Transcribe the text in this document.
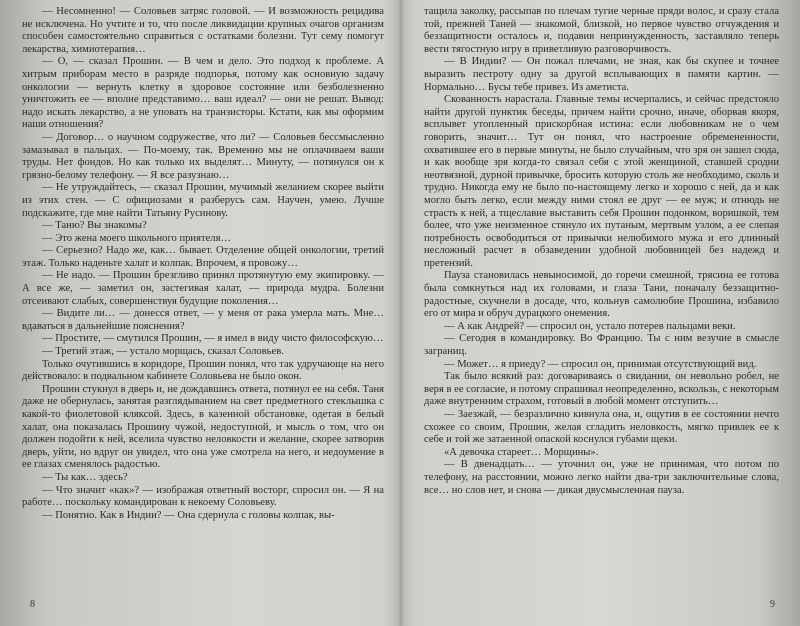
— Несомненно! — Соловьев затряс головой. — И возможность рецидива не исключена. Но учтите и то, что после ликвидации крупных очагов организм способен самостоятельно справиться с остатками болезни. Тут сему помогут лекарства, химиотерапия…

— О, — сказал Прошин. — В чем и дело. Это подход к проблеме. А хитрым приборам место в разряде подпорья, потому как основную задачу онкологии — вернуть клетку в здоровое состояние или безболезненно уничтожить ее — вполне представимо… ваш идеал? — они не решат. Вывод: надо искать лекарство, а не уповать на транзисторы. Кстати, как мы оформим наши отношения?

— Договор… о научном содружестве, что ли? — Соловьев бессмысленно замазывал в пальцах. — По-моему, так. Временно мы не оплачиваем ваши труды. Нет фондов. Но как только их выделят… Минуту, — потянулся он к грязно-белому телефону. — Я все разузнаю…

— Не утруждайтесь, — сказал Прошин, мучимый желанием скорее выйти из этих стен. — С официозами я разберусь сам. Научен, умею. Лучше подскажите, где мне найти Татьяну Русинову.

— Таню? Вы знакомы?

— Это жена моего школьного приятеля…

— Серьезно? Надо же, как… бывает. Отделение общей онкологии, третий этаж. Только наденьте халат и колпак. Впрочем, я провожу…

— Не надо. — Прошин брезгливо принял протянутую ему экипировку. — А все же, — заметил он, застегивая халат, — природа мудра. Болезни отсеивают слабых, совершенствуя будущие поколения…

— Видите ли… — донесся ответ, — у меня от рака умерла мать. Мне… вдаваться в дальнейшие пояснения?

— Простите, — смутился Прошин, — я имел в виду чисто философскую…

— Третий этаж, — устало морщась, сказал Соловьев.

Только очутившись в коридоре, Прошин понял, что так удручающе на него действовало: в подвальном кабинете Соловьева не было окон.

Прошин стукнул в дверь и, не дождавшись ответа, потянул ее на себя. Таня даже не обернулась, занятая разглядыванием на свет предметного стеклышка с какой-то фиолетовой кляксой. Здесь, в казенной обстановке, одетая в белый халат, она показалась Прошину чужой, недоступной, и мысль о том, что он должен подойти к ней, вселила чувство неловкости и желание, скорее затворив дверь, уйти, но вдруг он увидел, что она уже смотрела на него, и недоумение в ее глазах сменялось радостью.

— Ты как… здесь?

— Что значит «как»? — изображая ответный восторг, спросил он. — Я на работе… поскольку командирован к некоему Соловьеву.

— Понятно. Как в Индии? — Она сдернула с головы колпак, вы-

8

тащила заколку, рассыпав по плечам тугие черные пряди волос, и сразу стала той, прежней Таней — знакомой, близкой, но первое чувство отчуждения и беззащитности осталось и, подавив непринужденность, заставляло теперь вести тягостную игру в приветливую разговорчивость.

— В Индии? — Он пожал плечами, не зная, как бы скупее и точнее выразить пестроту одну за другой всплывающих в памяти картин. — Нормально… Бусы тебе привез. Из аметиста.

Скованность нарастала. Главные темы исчерпались, и сейчас предстояло найти другой пунктик беседы, причем найти срочно, иначе, оборвав якоря, всплывет утопленный прискорбная истина: если любовникам не о чем говорить, значит… Тут он понял, что настроение обремененности, охватившее его в первые минуты, не было случайным, что зря он зашел сюда, и как вообще зря когда-то связал себя с этой женщиной, ставшей сродни неотвязной, дурной привычке, бросить которую столь же необходимо, сколь и трудно. Никогда ему не было по-настоящему легко и хорошо с ней, да и как могло быть легко, если между ними стоял ее друг — ее муж; и отнюдь не страсть к ней, а тщеславие выставить себя Прошин подонком, воришкой, тем более, что уже неизменное стянуло их путаным, мертвым узлом, а ее слепая потребность освободиться от привычки нелюбимого мужа и его длинный несложный расчет в обзаведении удобной любовницей без надежд и претензий.

Пауза становилась невыносимой, до горечи смешной, трясина ее готова была сомкнуться над их головами, и глаза Тани, поначалу беззащитно-радостные, скучнели в досаде, что, кольнув самолюбие Прошина, избавило его от мира и обруч дурацкого онемения.

— А как Андрей? — спросил он, устало потерев пальцами веки.

— Сегодня в командировку. Во Францию. Ты с ним везучие в смысле заграниц.

— Может… я приеду? — спросил он, принимая отсутствующий вид.

Так было всякий раз: договариваясь о свидании, он невольно робел, не веря в ее согласие, и потому спрашивал неопределенно, вскользь, с некоторым даже внутренним страхом, готовый в любой момент отступить…

— Заезжай, — безразлично кивнула она, и, ощутив в ее состоянии нечто схожее со своим, Прошин, желая сгладить неловкость, мягко привлек ее к себе и той же затаенной опаской коснулся губами щеки.

«А девочка стареет… Морщины».

— В двенадцать… — уточнил он, уже не принимая, что потом по телефону, на расстоянии, можно легко найти два-три заключительные слова, все… но слов нет, и снова — дикая двусмысленная пауза.

9
